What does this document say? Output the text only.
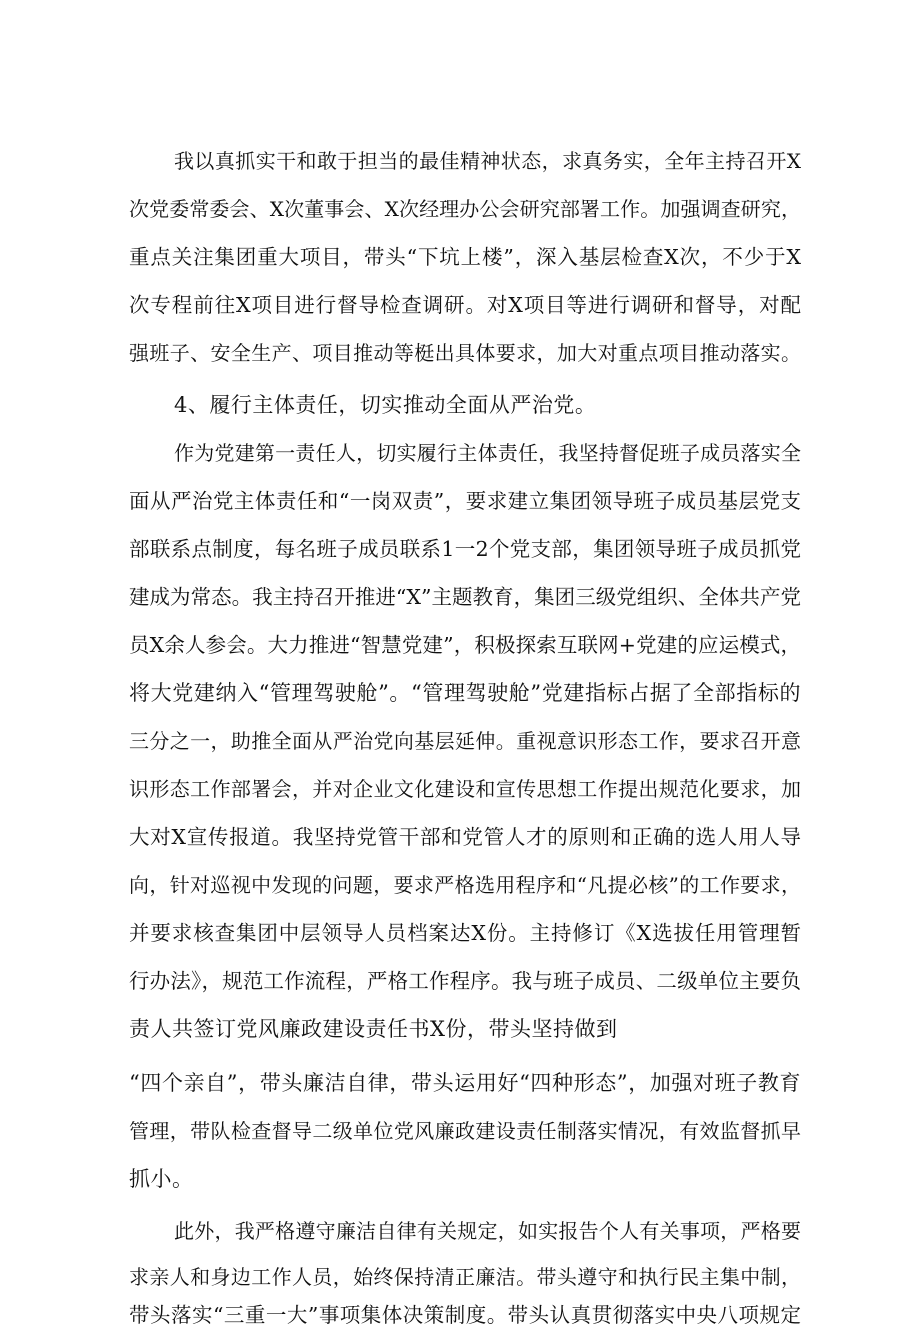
我以真抓实干和敢于担当的最佳精神状态，求真务实，全年主持召开X
次党委常委会、X次董事会、X次经理办公会研究部署工作。加强调查研究，
重点关注集团重大项目，带头“下坑上楼”，深入基层检查X次，不少于X
次专程前往X项目进行督导检查调研。对X项目等进行调研和督导，对配
强班子、安全生产、项目推动等梃出具体要求，加大对重点项目推动落实。
4、履行主体责任，切实推动全面从严治党。
作为党建第一责任人，切实履行主体责任，我坚持督促班子成员落实全
面从严治党主体责任和“一岗双责”，要求建立集团领导班子成员基层党支
部联系点制度，每名班子成员联系1一2个党支部，集团领导班子成员抓党
建成为常态。我主持召开推进“X”主题教育，集团三级党组织、全体共产党
员X余人参会。大力推进“智慧党建”，积极探索互联网+党建的应运模式，
将大党建纳入“管理驾驶舱”。“管理驾驶舱”党建指标占据了全部指标的
三分之一，助推全面从严治党向基层延伸。重视意识形态工作，要求召开意
识形态工作部署会，并对企业文化建设和宣传思想工作提出规范化要求，加
大对X宣传报道。我坚持党管干部和党管人才的原则和正确的选人用人导
向，针对巡视中发现的问题，要求严格选用程序和“凡提必核”的工作要求，
并要求核查集团中层领导人员档案达X份。主持修订《X选拔任用管理暂
行办法》，规范工作流程，严格工作程序。我与班子成员、二级单位主要负
责人共签订党风廉政建设责任书X份，带头坚持做到
“四个亲自”，带头廉洁自律，带头运用好“四种形态”，加强对班子教育
管理，带队检查督导二级单位党风廉政建设责任制落实情况，有效监督抓早
抓小。
此外，我严格遵守廉洁自律有关规定，如实报告个人有关事项，严格要
求亲人和身边工作人员，始终保持清正廉洁。带头遵守和执行民主集中制，
带头落实“三重一大”事项集体决策制度。带头认真贯彻落实中央八项规定
